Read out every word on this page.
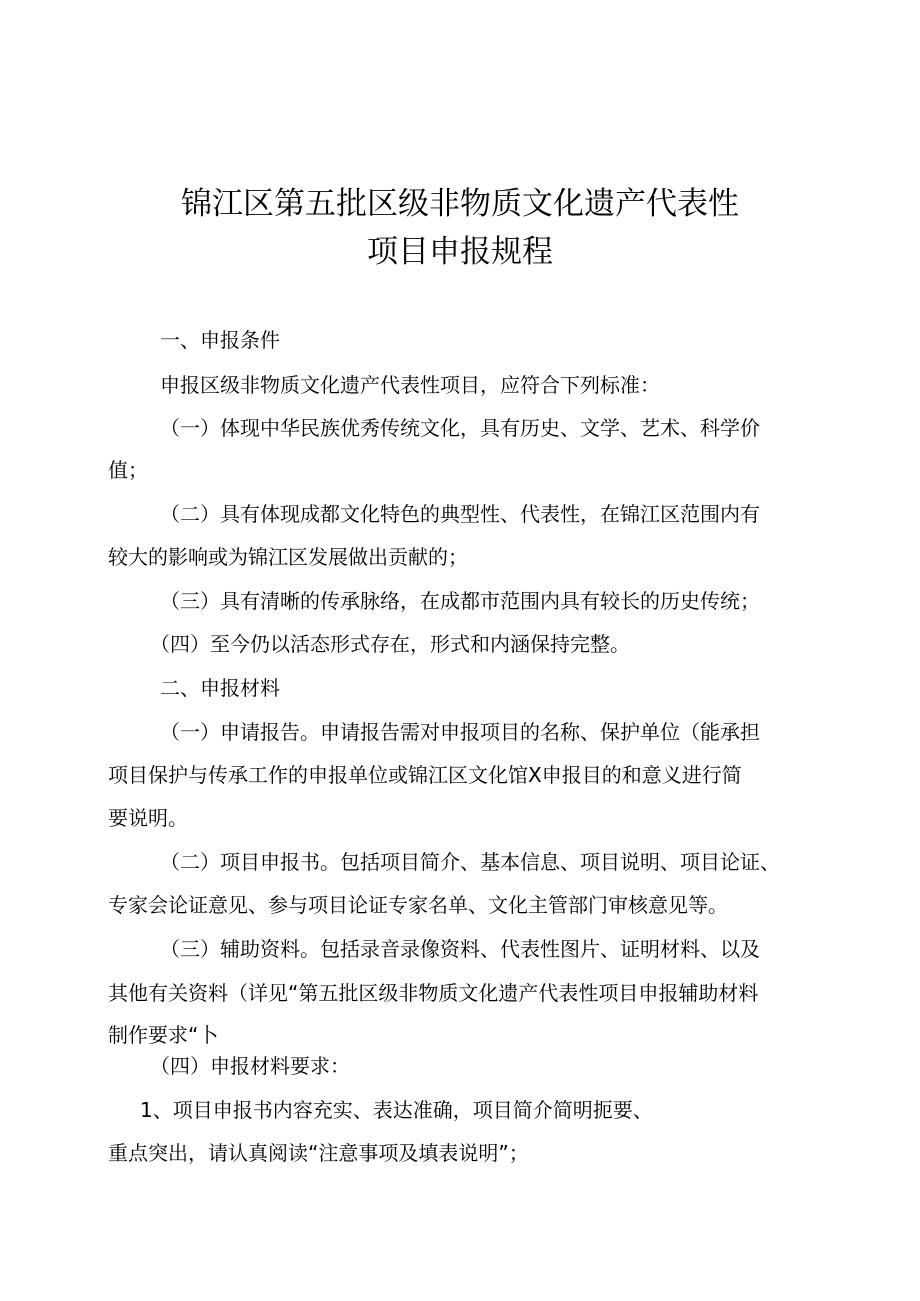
锦江区第五批区级非物质文化遗产代表性
项目申报规程
一、申报条件
申报区级非物质文化遗产代表性项目，应符合下列标准：
（一）体现中华民族优秀传统文化，具有历史、文学、艺术、科学价
值；
（二）具有体现成都文化特色的典型性、代表性，在锦江区范围内有
较大的影响或为锦江区发展做出贡献的；
（三）具有清晰的传承脉络，在成都市范围内具有较长的历史传统；
（四）至今仍以活态形式存在，形式和内涵保持完整。
二、申报材料
（一）申请报告。申请报告需对申报项目的名称、保护单位（能承担
项目保护与传承工作的申报单位或锦江区文化馆X申报目的和意义进行简
要说明。
（二）项目申报书。包括项目简介、基本信息、项目说明、项目论证、
专家会论证意见、参与项目论证专家名单、文化主管部门审核意见等。
（三）辅助资料。包括录音录像资料、代表性图片、证明材料、以及
其他有关资料（详见“第五批区级非物质文化遗产代表性项目申报辅助材料
制作要求“卜
（四）申报材料要求：
1、项目申报书内容充实、表达准确，项目简介简明扼要、
重点突出，请认真阅读“注意事项及填表说明”；
